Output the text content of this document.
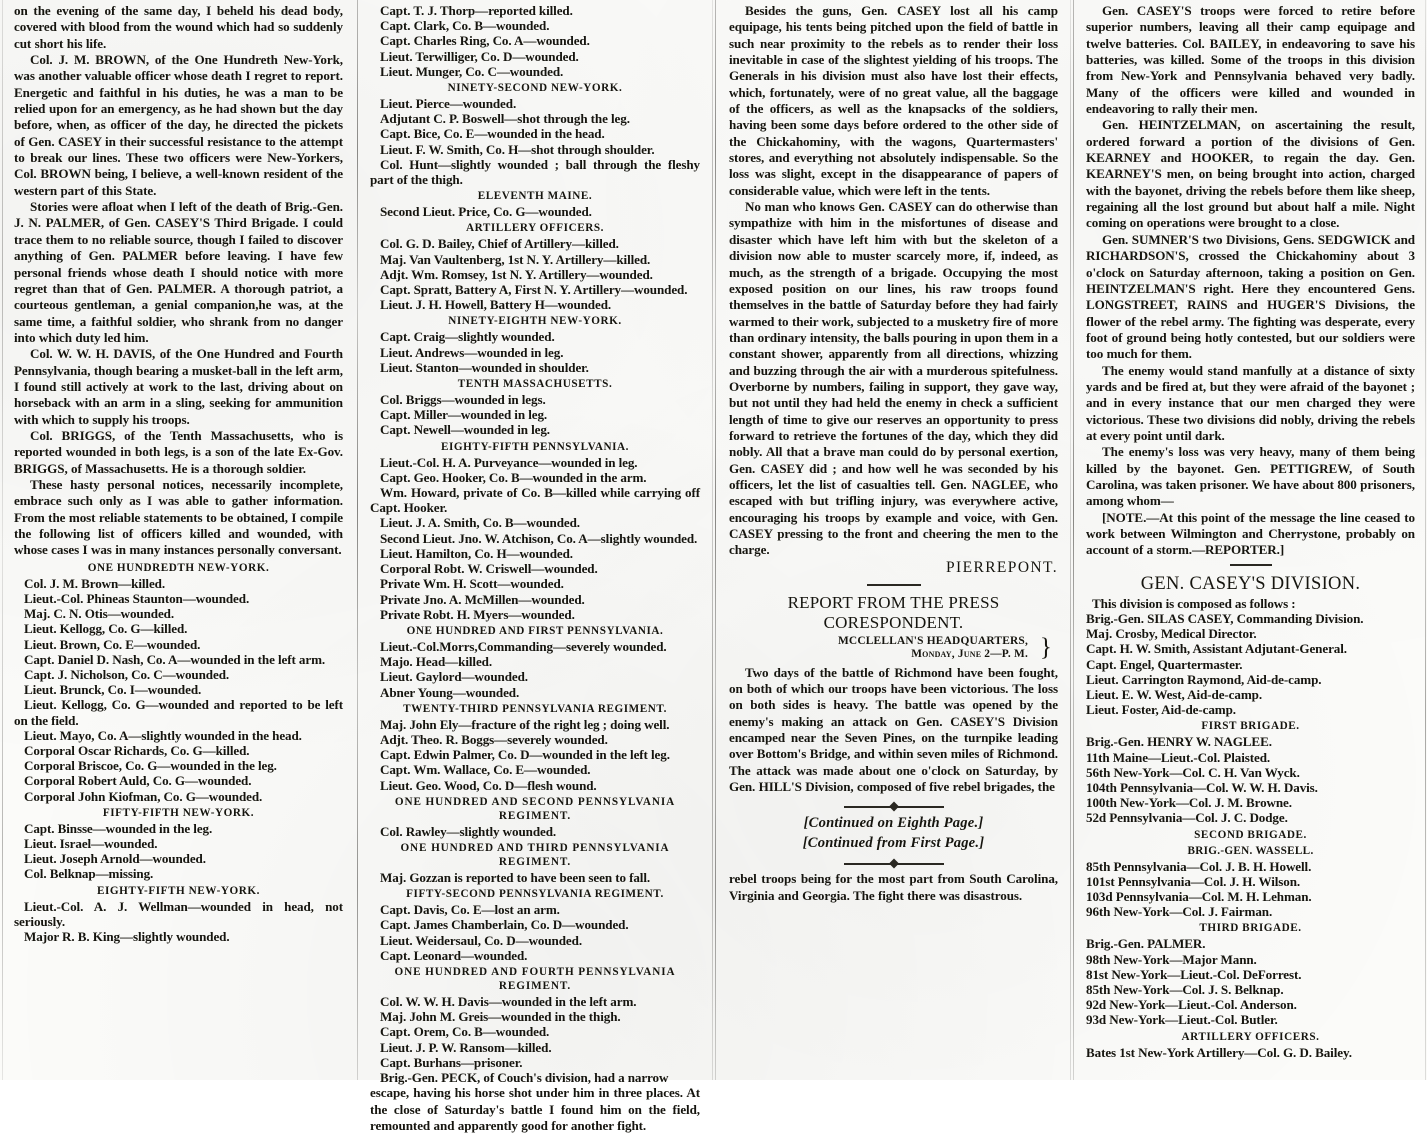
on the evening of the same day, I beheld his dead body, covered with blood from the wound which had so suddenly cut short his life.

Col. J. M. BROWN, of the One Hundreth New-York, was another valuable officer whose death I regret to report. Energetic and faithful in his duties, he was a man to be relied upon for an emergency, as he had shown but the day before, when, as officer of the day, he directed the pickets of Gen. CASEY in their successful resistance to the attempt to break our lines. These two officers were New-Yorkers, Col. BROWN being, I believe, a well-known resident of the western part of this State.

Stories were afloat when I left of the death of Brig.-Gen. J. N. PALMER, of Gen. CASEY'S Third Brigade. I could trace them to no reliable source, though I failed to discover anything of Gen. PALMER before leaving. I have few personal friends whose death I should notice with more regret than that of Gen. PALMER. A thorough patriot, a courteous gentleman, a genial companion,he was, at the same time, a faithful soldier, who shrank from no danger into which duty led him.

Col. W. W. H. DAVIS, of the One Hundred and Fourth Pennsylvania, though bearing a musket-ball in the left arm, I found still actively at work to the last, driving about on horseback with an arm in a sling, seeking for ammunition with which to supply his troops.

Col. BRIGGS, of the Tenth Massachusetts, who is reported wounded in both legs, is a son of the late Ex-Gov. BRIGGS, of Massachusetts. He is a thorough soldier.

These hasty personal notices, necessarily incomplete, embrace such only as I was able to gather information. From the most reliable statements to be obtained, I compile the following list of officers killed and wounded, with whose cases I was in many instances personally conversant.

ONE HUNDREDTH NEW-YORK.
Col. J. M. Brown—killed.
Lieut.-Col. Phineas Staunton—wounded.
Maj. C. N. Otis—wounded.
Lieut. Kellogg, Co. G—killed.
Lieut. Brown, Co. E—wounded.
Capt. Daniel D. Nash, Co. A—wounded in the left arm.
Capt. J. Nicholson, Co. C—wounded.
Lieut. Brunck, Co. I—wounded.
Lieut. Kellogg, Co. G—wounded and reported to be left on the field.
Lieut. Mayo, Co. A—slightly wounded in the head.
Corporal Oscar Richards, Co. G—killed.
Corporal Briscoe, Co. G—wounded in the leg.
Corporal Robert Auld, Co. G—wounded.
Corporal John Kiofman, Co. G—wounded.
FIFTY-FIFTH NEW-YORK.
Capt. Binsse—wounded in the leg.
Lieut. Israel—wounded.
Lieut. Joseph Arnold—wounded.
Col. Belknap—missing.
EIGHTY-FIFTH NEW-YORK.
Lieut.-Col. A. J. Wellman—wounded in head, not seriously.
Major R. B. King—slightly wounded.
Capt. T. J. Thorp—reported killed.
Capt. Clark, Co. B—wounded.
Capt. Charles Ring, Co. A—wounded.
Lieut. Terwilliger, Co. D—wounded.
Lieut. Munger, Co. C—wounded.
NINETY-SECOND NEW-YORK.
Lieut. Pierce—wounded.
Adjutant C. P. Boswell—shot through the leg.
Capt. Bice, Co. E—wounded in the head.
Lieut. F. W. Smith, Co. H—shot through shoulder.
Col. Hunt—slightly wounded ; ball through the fleshy part of the thigh.
ELEVENTH MAINE.
Second Lieut. Price, Co. G—wounded.
ARTILLERY OFFICERS.
Col. G. D. Bailey, Chief of Artillery—killed.
Maj. Van Vaultenberg, 1st N. Y. Artillery—killed.
Adjt. Wm. Romsey, 1st N. Y. Artillery—wounded.
Capt. Spratt, Battery A, First N. Y. Artillery—wounded.
Lieut. J. H. Howell, Battery H—wounded.
NINETY-EIGHTH NEW-YORK.
Capt. Craig—slightly wounded.
Lieut. Andrews—wounded in leg.
Lieut. Stanton—wounded in shoulder.
TENTH MASSACHUSETTS.
Col. Briggs—wounded in legs.
Capt. Miller—wounded in leg.
Capt. Newell—wounded in leg.
EIGHTY-FIFTH PENNSYLVANIA.
Lieut.-Col. H. A. Purveyance—wounded in leg.
Capt. Geo. Hooker, Co. B—wounded in the arm.
Wm. Howard, private of Co. B—killed while carrying off Capt. Hooker.
Lieut. J. A. Smith, Co. B—wounded.
Second Lieut. Jno. W. Atchison, Co. A—slightly wounded.
Lieut. Hamilton, Co. H—wounded.
Corporal Robt. W. Criswell—wounded.
Private Wm. H. Scott—wounded.
Private Jno. A. McMillen—wounded.
Private Robt. H. Myers—wounded.
ONE HUNDRED AND FIRST PENNSYLVANIA.
Lieut.-Col.Morrs,Commanding—severely wounded.
Majo. Head—killed.
Lieut. Gaylord—wounded.
Abner Young—wounded.
TWENTY-THIRD PENNSYLVANIA REGIMENT.
Maj. John Ely—fracture of the right leg ; doing well.
Adjt. Theo. R. Boggs—severely wounded.
Capt. Edwin Palmer, Co. D—wounded in the left leg.
Capt. Wm. Wallace, Co. E—wounded.
Lieut. Geo. Wood, Co. D—flesh wound.
ONE HUNDRED AND SECOND PENNSYLVANIA REGIMENT.
Col. Rawley—slightly wounded.
ONE HUNDRED AND THIRD PENNSYLVANIA REGIMENT.
Maj. Gozzan is reported to have been seen to fall.
FIFTY-SECOND PENNSYLVANIA REGIMENT.
Capt. Davis, Co. E—lost an arm.
Capt. James Chamberlain, Co. D—wounded.
Lieut. Weidersaul, Co. D—wounded.
Capt. Leonard—wounded.
ONE HUNDRED AND FOURTH PENNSYLVANIA REGIMENT.
Col. W. W. H. Davis—wounded in the left arm.
Maj. John M. Greis—wounded in the thigh.
Capt. Orem, Co. B—wounded.
Lieut. J. P. W. Ransom—killed.
Capt. Burhans—prisoner.
Brig.-Gen. PECK, of Couch's division, had a narrow

escape, having his horse shot under him in three places. At the close of Saturday's battle I found him on the field, remounted and apparently good for another fight.

Besides the guns, Gen. CASEY lost all his camp equipage, his tents being pitched upon the field of battle in such near proximity to the rebels as to render their loss inevitable in case of the slightest yielding of his troops. The Generals in his division must also have lost their effects, which, fortunately, were of no great value, all the baggage of the officers, as well as the knapsacks of the soldiers, having been some days before ordered to the other side of the Chickahominy, with the wagons, Quartermasters' stores, and everything not absolutely indispensable. So the loss was slight, except in the disappearance of papers of considerable value, which were left in the tents.

No man who knows Gen. CASEY can do otherwise than sympathize with him in the misfortunes of disease and disaster which have left him with but the skeleton of a division now able to muster scarcely more, if, indeed, as much, as the strength of a brigade. Occupying the most exposed position on our lines, his raw troops found themselves in the battle of Saturday before they had fairly warmed to their work, subjected to a musketry fire of more than ordinary intensity, the balls pouring in upon them in a constant shower, apparently from all directions, whizzing and buzzing through the air with a murderous spitefulness. Overborne by numbers, failing in support, they gave way, but not until they had held the enemy in check a sufficient length of time to give our reserves an opportunity to press forward to retrieve the fortunes of the day, which they did nobly. All that a brave man could do by personal exertion, Gen. CASEY did ; and how well he was seconded by his officers, let the list of casualties tell. Gen. NAGLEE, who escaped with but trifling injury, was everywhere active, encouraging his troops by example and voice, with Gen. CASEY pressing to the front and cheering the men to the charge.

PIERREPONT.
REPORT FROM THE PRESS CORESPONDENT.
}
MCCLELLAN'S HEADQUARTERS,
Monday, June 2—P. M.

Two days of the battle of Richmond have been fought, on both of which our troops have been victorious. The loss on both sides is heavy. The battle was opened by the enemy's making an attack on Gen. CASEY'S Division encamped near the Seven Pines, on the turnpike leading over Bottom's Bridge, and within seven miles of Richmond. The attack was made about one o'clock on Saturday, by Gen. HILL'S Division, composed of five rebel brigades, the

[Continued on Eighth Page.]
[Continued from First Page.]

rebel troops being for the most part from South Carolina, Virginia and Georgia. The fight there was disastrous.

Gen. CASEY'S troops were forced to retire before superior numbers, leaving all their camp equipage and twelve batteries. Col. BAILEY, in endeavoring to save his batteries, was killed. Some of the troops in this division from New-York and Pennsylvania behaved very badly. Many of the officers were killed and wounded in endeavoring to rally their men.

Gen. HEINTZELMAN, on ascertaining the result, ordered forward a portion of the divisions of Gen. KEARNEY and HOOKER, to regain the day. Gen. KEARNEY'S men, on being brought into action, charged with the bayonet, driving the rebels before them like sheep, regaining all the lost ground but about half a mile. Night coming on operations were brought to a close.

Gen. SUMNER'S two Divisions, Gens. SEDGWICK and RICHARDSON'S, crossed the Chickahominy about 3 o'clock on Saturday afternoon, taking a position on Gen. HEINTZELMAN'S right. Here they encountered Gens. LONGSTREET, RAINS and HUGER'S Divisions, the flower of the rebel army. The fighting was desperate, every foot of ground being hotly contested, but our soldiers were too much for them.

The enemy would stand manfully at a distance of sixty yards and be fired at, but they were afraid of the bayonet ; and in every instance that our men charged they were victorious. These two divisions did nobly, driving the rebels at every point until dark.

The enemy's loss was very heavy, many of them being killed by the bayonet. Gen. PETTIGREW, of South Carolina, was taken prisoner. We have about 800 prisoners, among whom—

[NOTE.—At this point of the message the line ceased to work between Wilmington and Cherrystone, probably on account of a storm.—REPORTER.]

GEN. CASEY'S DIVISION.
This division is composed as follows :
Brig.-Gen. SILAS CASEY, Commanding Division.
Maj. Crosby, Medical Director.
Capt. H. W. Smith, Assistant Adjutant-General.
Capt. Engel, Quartermaster.
Lieut. Carrington Raymond, Aid-de-camp.
Lieut. E. W. West, Aid-de-camp.
Lieut. Foster, Aid-de-camp.
FIRST BRIGADE.
Brig.-Gen. HENRY W. NAGLEE.
11th Maine—Lieut.-Col. Plaisted.
56th New-York—Col. C. H. Van Wyck.
104th Pennsylvania—Col. W. W. H. Davis.
100th New-York—Col. J. M. Browne.
52d Pennsylvania—Col. J. C. Dodge.
SECOND BRIGADE.
BRIG.-GEN. WASSELL.
85th Pennsylvania—Col. J. B. H. Howell.
101st Pennsylvania—Col. J. H. Wilson.
103d Pennsylvania—Col. M. H. Lehman.
96th New-York—Col. J. Fairman.
THIRD BRIGADE.
Brig.-Gen. PALMER.
98th New-York—Major Mann.
81st New-York—Lieut.-Col. DeForrest.
85th New-York—Col. J. S. Belknap.
92d New-York—Lieut.-Col. Anderson.
93d New-York—Lieut.-Col. Butler.
ARTILLERY OFFICERS.
Bates 1st New-York Artillery—Col. G. D. Bailey.
